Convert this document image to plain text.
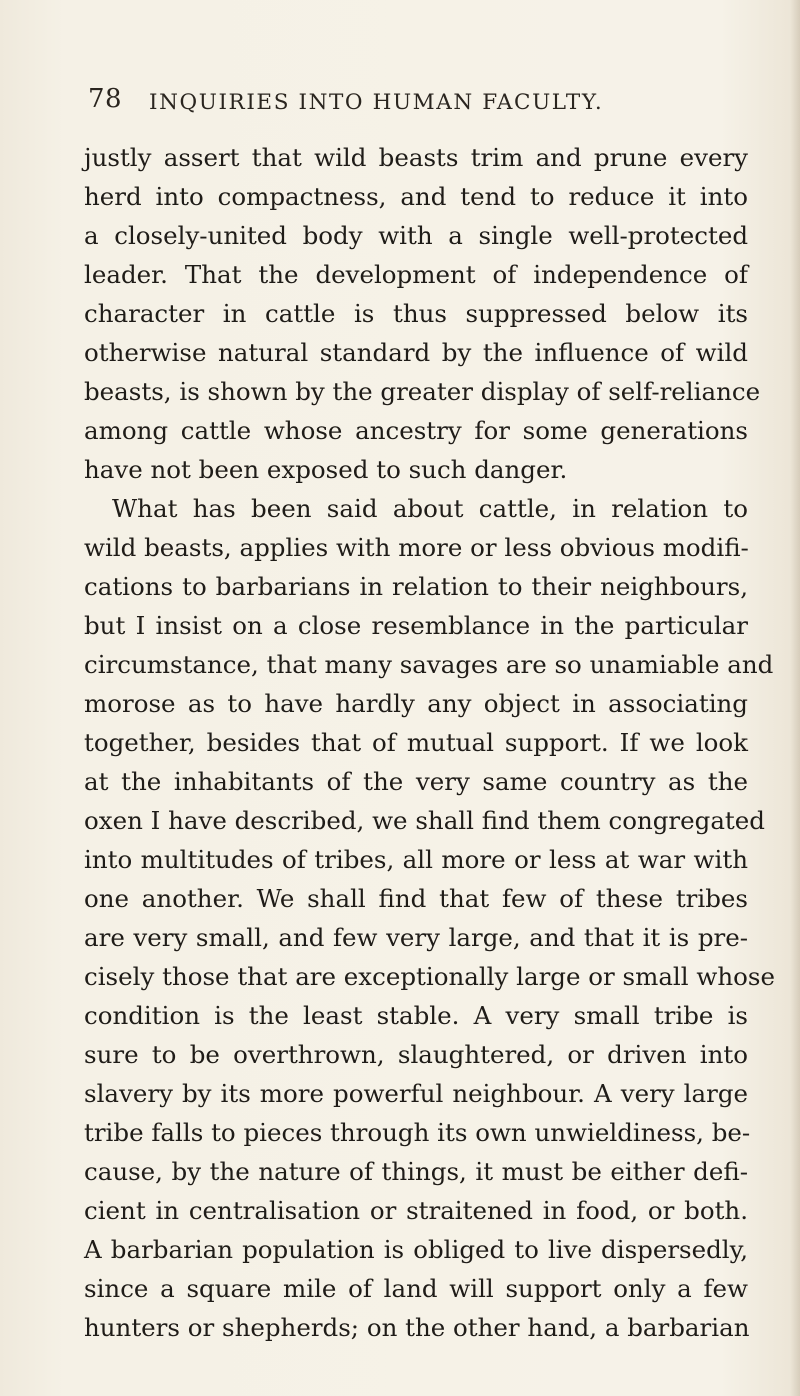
78 INQUIRIES INTO HUMAN FACULTY.
justly assert that wild beasts trim and prune every
herd into compactness, and tend to reduce it into
a closely-united body with a single well-protected
leader. That the development of independence of
character in cattle is thus suppressed below its
otherwise natural standard by the influence of wild
beasts, is shown by the greater display of self-reliance
among cattle whose ancestry for some generations
have not been exposed to such danger.
What has been said about cattle, in relation to
wild beasts, applies with more or less obvious modifi-
cations to barbarians in relation to their neighbours,
but I insist on a close resemblance in the particular
circumstance, that many savages are so unamiable and
morose as to have hardly any object in associating
together, besides that of mutual support. If we look
at the inhabitants of the very same country as the
oxen I have described, we shall find them congregated
into multitudes of tribes, all more or less at war with
one another. We shall find that few of these tribes
are very small, and few very large, and that it is pre-
cisely those that are exceptionally large or small whose
condition is the least stable. A very small tribe is
sure to be overthrown, slaughtered, or driven into
slavery by its more powerful neighbour. A very large
tribe falls to pieces through its own unwieldiness, be-
cause, by the nature of things, it must be either defi-
cient in centralisation or straitened in food, or both.
A barbarian population is obliged to live dispersedly,
since a square mile of land will support only a few
hunters or shepherds; on the other hand, a barbarian
